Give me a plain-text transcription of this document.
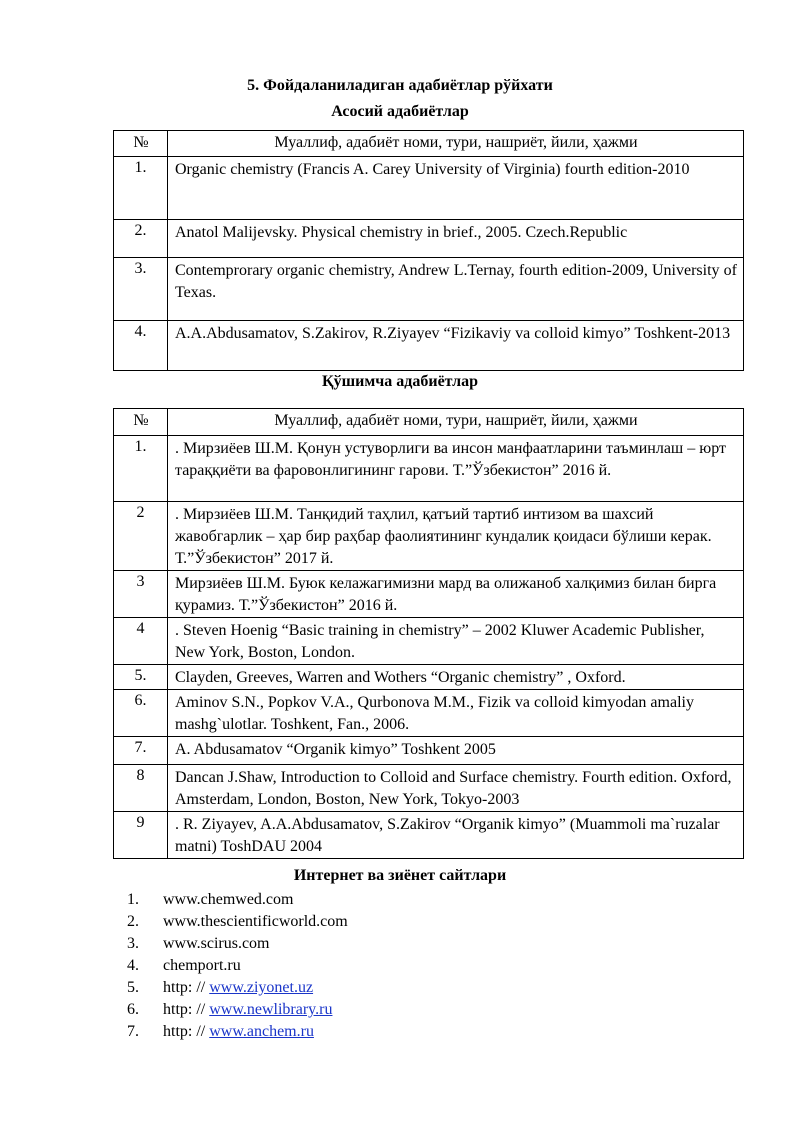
5. Фойдаланиладиган адабиётлар рўйхати
Асосий адабиётлар
№	Муаллиф, адабиёт номи, тури, нашриёт, йили, ҳажми
1.	Organic chemistry (Francis A. Carey University of Virginia) fourth edition-2010
2.	Anatol Malijevsky. Physical chemistry in brief., 2005. Czech.Republic
3.	Contemprorary organic chemistry, Andrew L.Ternay, fourth edition-2009, University of Texas.
4.	A.A.Abdusamatov, S.Zakirov, R.Ziyayev “Fizikaviy va colloid kimyo” Toshkent-2013
Қўшимча адабиётлар
№	Муаллиф, адабиёт номи, тури, нашриёт, йили, ҳажми
1.	. Мирзиёев Ш.М. Қонун устуворлиги ва инсон манфаатларини таъминлаш – юрт тараққиёти ва фаровонлигининг гарови. Т.”Ўзбекистон” 2016 й.
2	. Мирзиёев Ш.М. Танқидий таҳлил, қатъий тартиб интизом ва шахсий жавобгарлик – ҳар бир раҳбар фаолиятининг кундалик қоидаси бўлиши керак. Т.”Ўзбекистон” 2017 й.
3	Мирзиёев Ш.М. Буюк келажагимизни мард ва олижаноб халқимиз билан бирга қурамиз. Т.”Ўзбекистон” 2016 й.
4	. Steven Hoenig “Basic training in chemistry” – 2002 Kluwer Academic Publisher, New York, Boston, London.
5.	Clayden, Greeves, Warren and Wothers “Organic chemistry” , Oxford.
6.	Aminov S.N., Popkov V.A., Qurbonova M.M., Fizik va colloid kimyodan amaliy mashg`ulotlar. Toshkent, Fan., 2006.
7.	A. Abdusamatov “Organik kimyo” Toshkent 2005
8	Dancan J.Shaw, Introduction to Colloid and Surface chemistry. Fourth edition. Oxford, Amsterdam, London, Boston, New York, Tokyo-2003
9	. R. Ziyayev, A.A.Abdusamatov, S.Zakirov “Organik kimyo” (Muammoli ma`ruzalar matni) ToshDAU 2004
Интернет ва зиёнет сайтлари
1. www.chemwed.com
2. www.thescientificworld.com
3. www.scirus.com
4. chemport.ru
5. http: // www.ziyonet.uz
6. http: // www.newlibrary.ru
7. http: // www.anchem.ru
